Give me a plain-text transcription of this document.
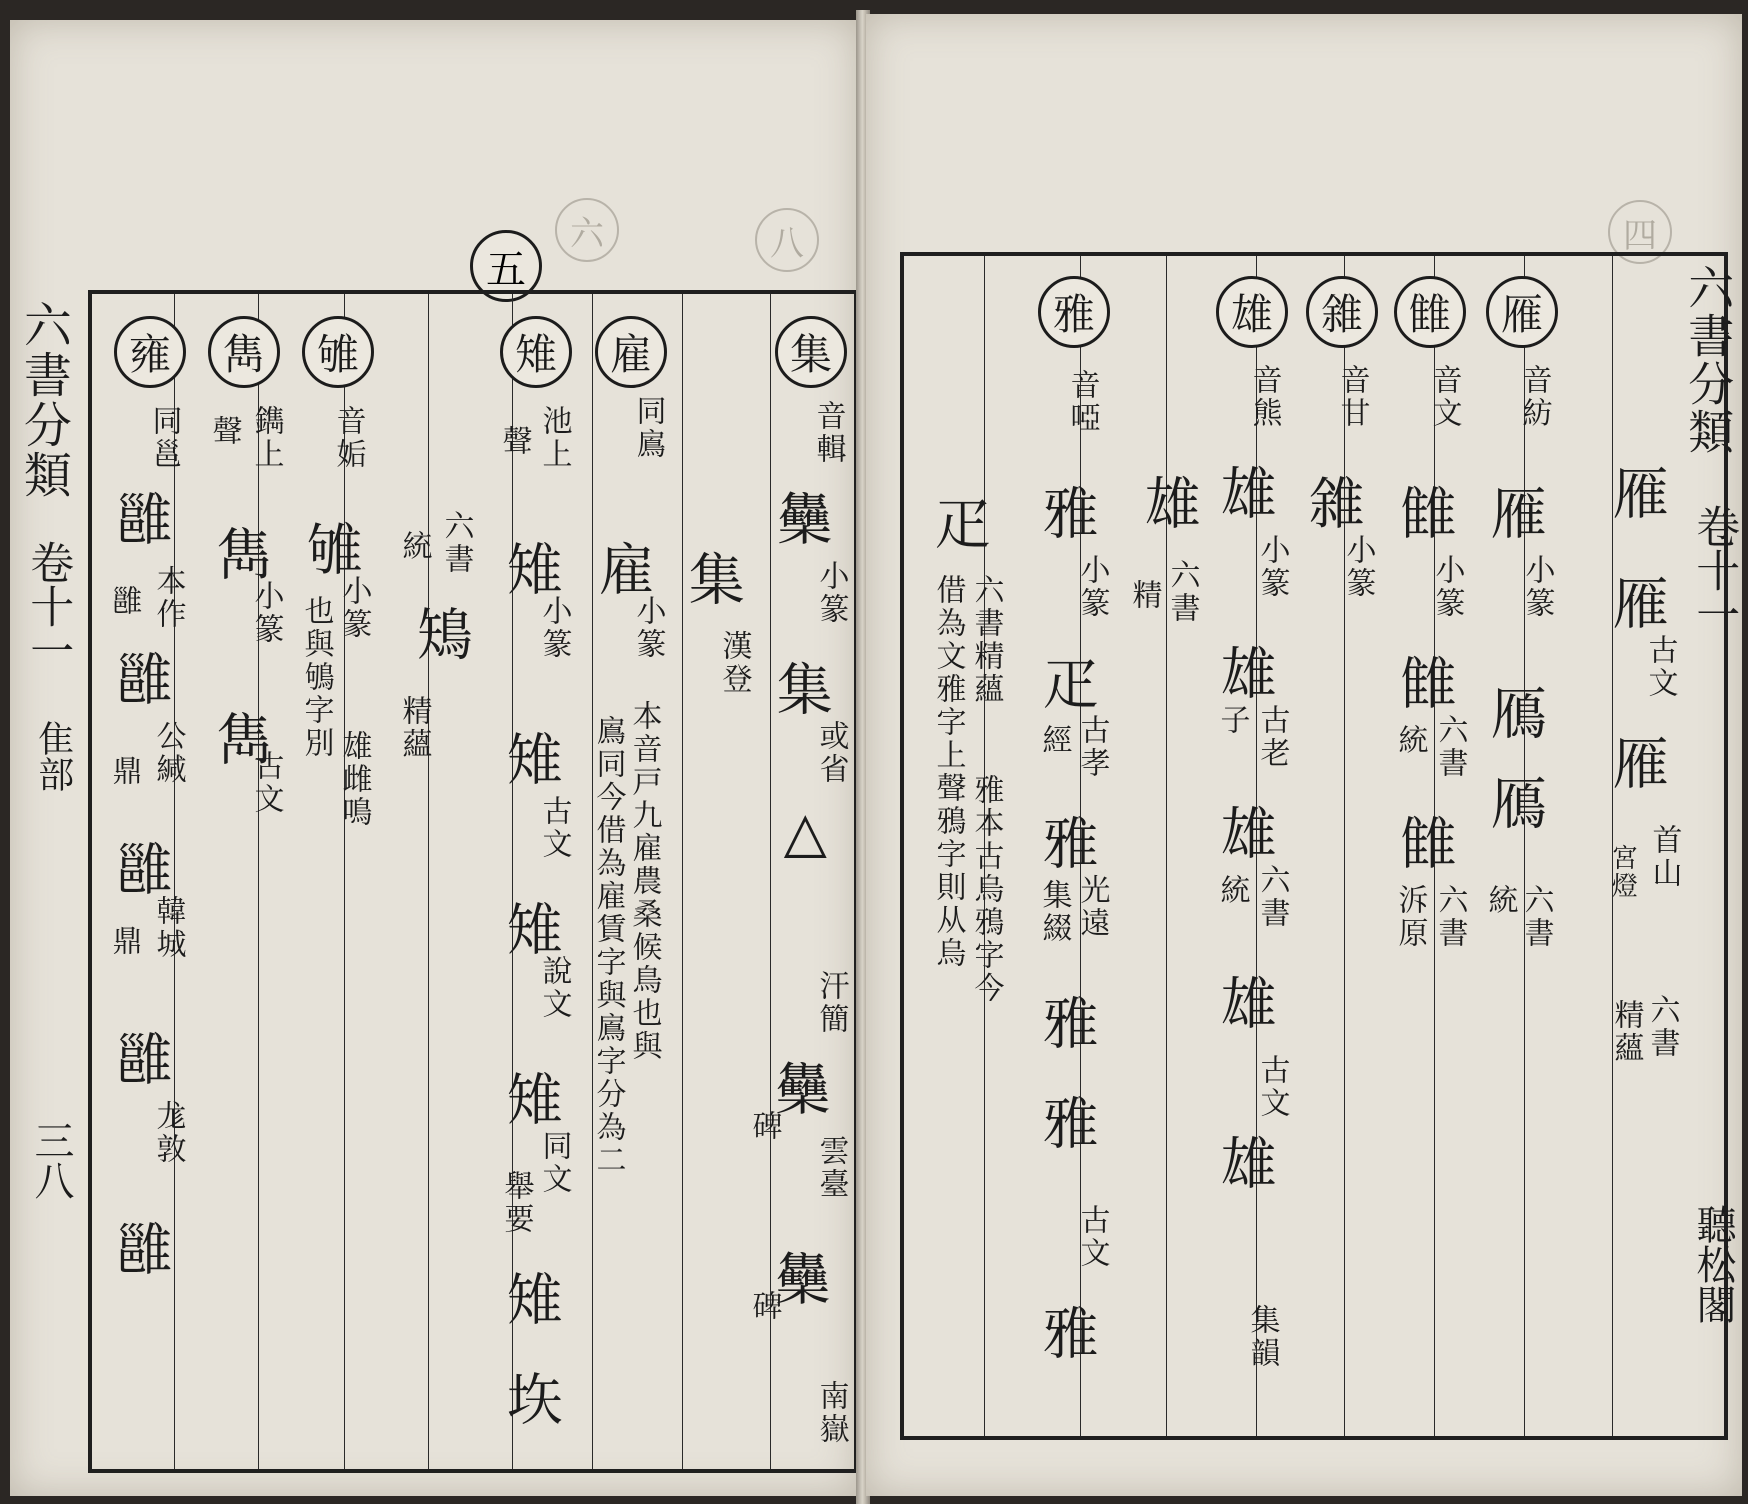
六	八
五
六書分類
卷十一
隹部
三八
集
音輯
雧
小篆
集
或省
△
汗簡
雧
碑
雲臺
雧
碑
南嶽
集
漢登
雇
同鳸
雇
小篆
本音戸九雇農桑候鳥也與
鳸同今借為雇賃字與鳸字分為二
雉
池上
聲
雉
小篆
雉
古文
雉
說文
雉
同文
舉要
雉
垁
六書
統
鴙
精蘊
雊
音姤
雊
小篆
雄雌鳴
也與鴝字別
雋
鐫上
聲
雋
小篆
雋
古文
雍
同邕
雝
本作
雝
雝
公緘
鼎
雝
韓城
鼎
雝
尨敦
雝
四
六書分類
卷十一
聽松閣
雁
雁
古文
雁
首山
宮燈
六書
精蘊
雁
音紡
雁
小篆
鴈
鴈
六書
統
雔
音文
雔
小篆
雔
六書
統
雔
六書
泝原
雓
音甘
雓
小篆
雄
音熊
雄
小篆
雄
古老
子
雄
六書
統
雄
古文
雄
集韻
雄
六書
精
雅
音啞
雅
小篆
疋
古孝
經
雅
光遠
集綴
雅
雅
古文
雅
疋
六書精蘊
雅本古烏鴉字今
借為文雅字上聲鴉字則从烏
